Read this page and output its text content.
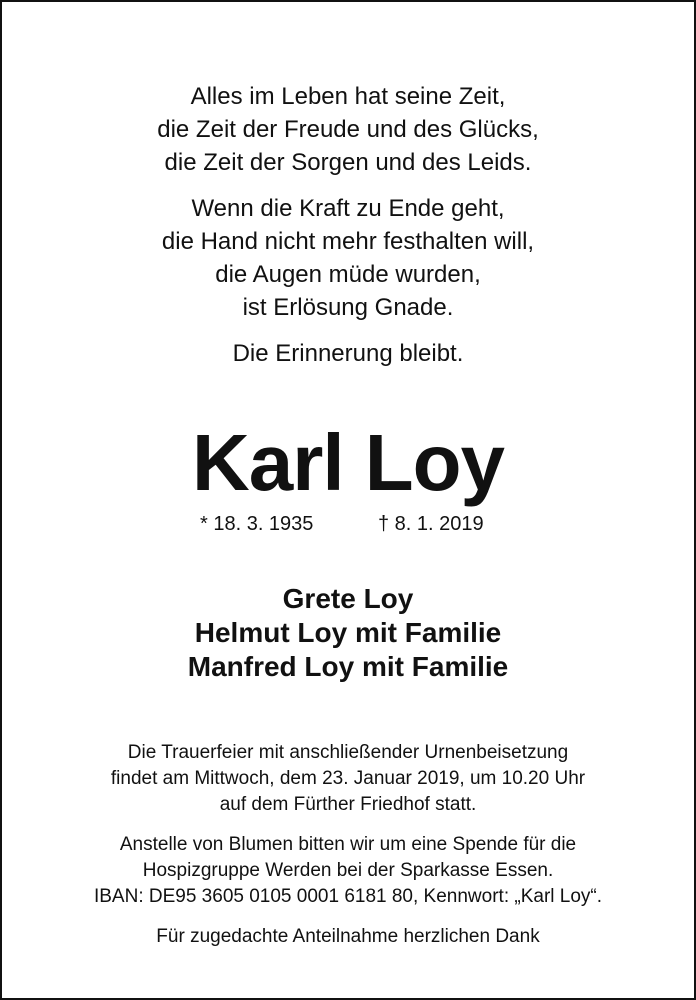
Alles im Leben hat seine Zeit,

die Zeit der Freude und des Glücks,

die Zeit der Sorgen und des Leids.

Wenn die Kraft zu Ende geht,

die Hand nicht mehr festhalten will,

die Augen müde wurden,

ist Erlösung Gnade.

Die Erinnerung bleibt.

Karl Loy
* 18. 3. 1935	† 8. 1. 2019

Grete Loy

Helmut Loy mit Familie

Manfred Loy mit Familie

Die Trauerfeier mit anschließender Urnenbeisetzung

findet am Mittwoch, dem 23. Januar 2019, um 10.20 Uhr

auf dem Fürther Friedhof statt.

Anstelle von Blumen bitten wir um eine Spende für die

Hospizgruppe Werden bei der Sparkasse Essen.

IBAN: DE95 3605 0105 0001 6181 80, Kennwort: „Karl Loy“.

Für zugedachte Anteilnahme herzlichen Dank
